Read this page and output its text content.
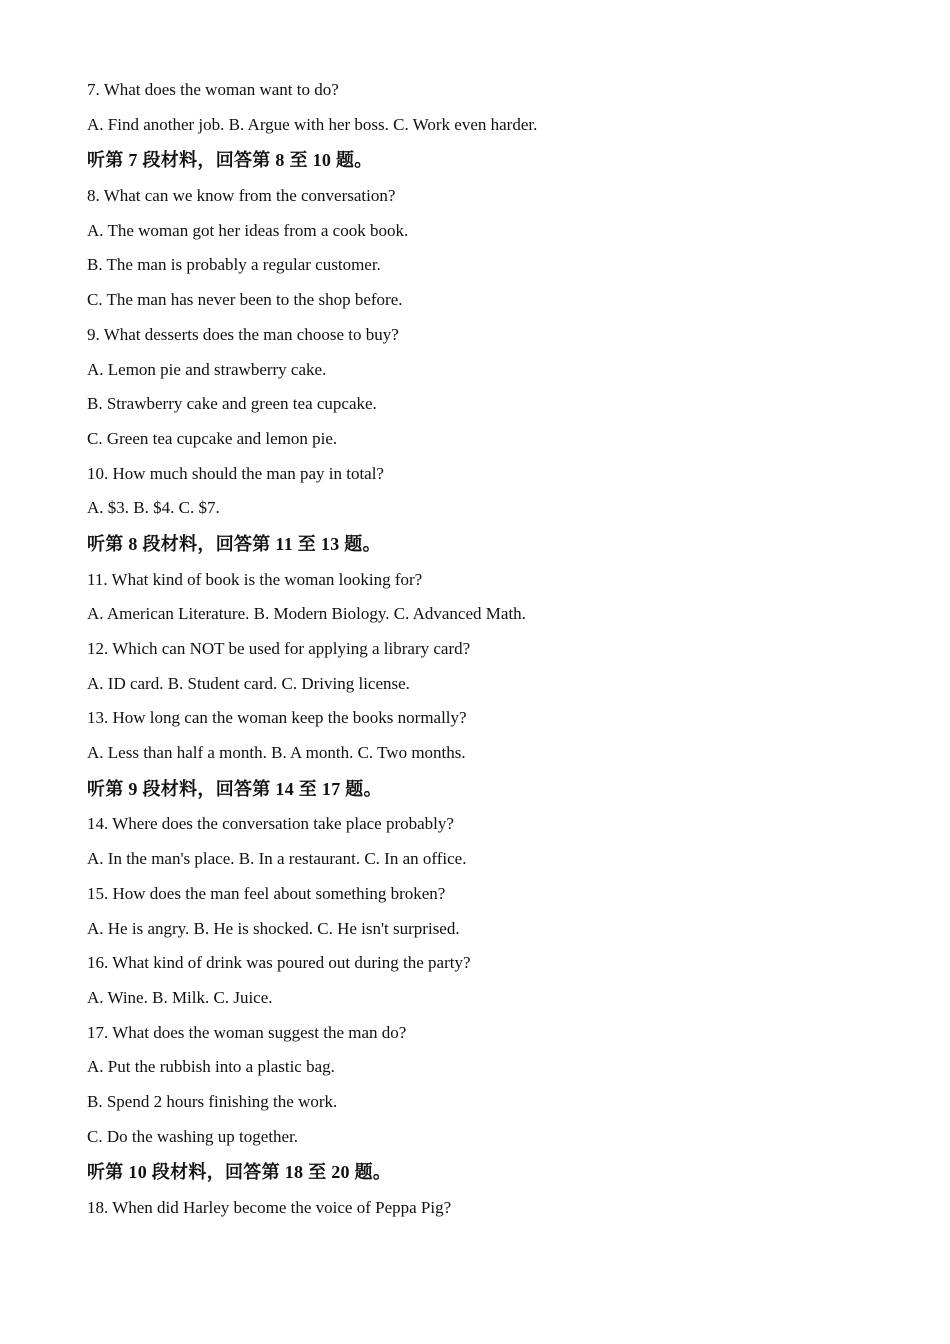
7. What does the woman want to do?
A. Find another job. B. Argue with her boss. C. Work even harder.
听第 7 段材料，回答第 8 至 10 题。
8. What can we know from the conversation?
A. The woman got her ideas from a cook book.
B. The man is probably a regular customer.
C. The man has never been to the shop before.
9. What desserts does the man choose to buy?
A. Lemon pie and strawberry cake.
B. Strawberry cake and green tea cupcake.
C. Green tea cupcake and lemon pie.
10. How much should the man pay in total?
A. $3. B. $4. C. $7.
听第 8 段材料，回答第 11 至 13 题。
11. What kind of book is the woman looking for?
A. American Literature. B. Modern Biology. C. Advanced Math.
12. Which can NOT be used for applying a library card?
A. ID card. B. Student card. C. Driving license.
13. How long can the woman keep the books normally?
A. Less than half a month. B. A month. C. Two months.
听第 9 段材料，回答第 14 至 17 题。
14. Where does the conversation take place probably?
A. In the man's place. B. In a restaurant. C. In an office.
15. How does the man feel about something broken?
A. He is angry. B. He is shocked. C. He isn't surprised.
16. What kind of drink was poured out during the party?
A. Wine. B. Milk. C. Juice.
17. What does the woman suggest the man do?
A. Put the rubbish into a plastic bag.
B. Spend 2 hours finishing the work.
C. Do the washing up together.
听第 10 段材料，回答第 18 至 20 题。
18. When did Harley become the voice of Peppa Pig?
